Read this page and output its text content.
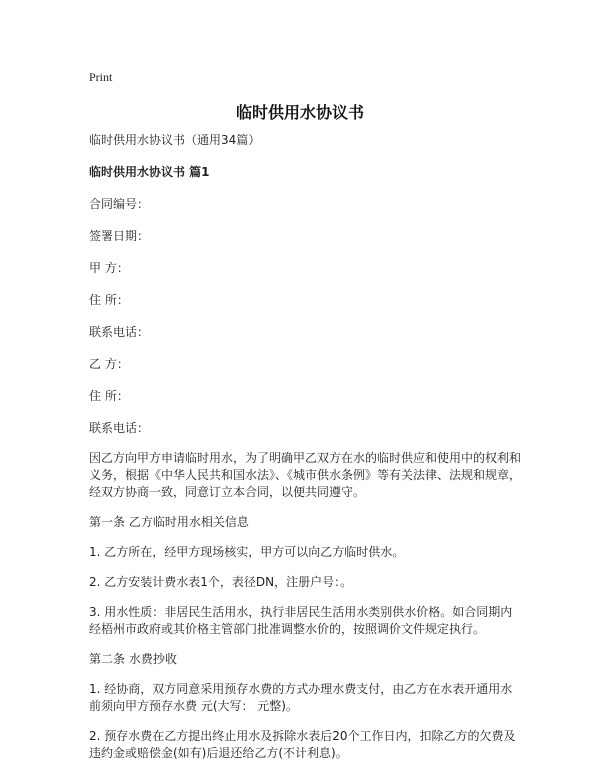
Print
临时供用水协议书

临时供用水协议书（通用34篇）

临时供用水协议书 篇1

合同编号：

签署日期：

甲 方：

住 所：

联系电话：

乙 方：

住 所：

联系电话：

因乙方向甲方申请临时用水，为了明确甲乙双方在水的临时供应和使用中的权利和义务，根据《中华人民共和国水法》、《城市供水条例》等有关法律、法规和规章，经双方协商一致，同意订立本合同，以便共同遵守。

第一条 乙方临时用水相关信息

1. 乙方所在，经甲方现场核实，甲方可以向乙方临时供水。

2. 乙方安装计费水表1个，表径DN，注册户号：。

3. 用水性质：非居民生活用水，执行非居民生活用水类别供水价格。如合同期内经梧州市政府或其价格主管部门批准调整水价的，按照调价文件规定执行。

第二条 水费抄收

1. 经协商，双方同意采用预存水费的方式办理水费支付，由乙方在水表开通用水前须向甲方预存水费 元(大写： 元整)。

2. 预存水费在乙方提出终止用水及拆除水表后20个工作日内，扣除乙方的欠费及违约金或赔偿金(如有)后退还给乙方(不计利息)。
